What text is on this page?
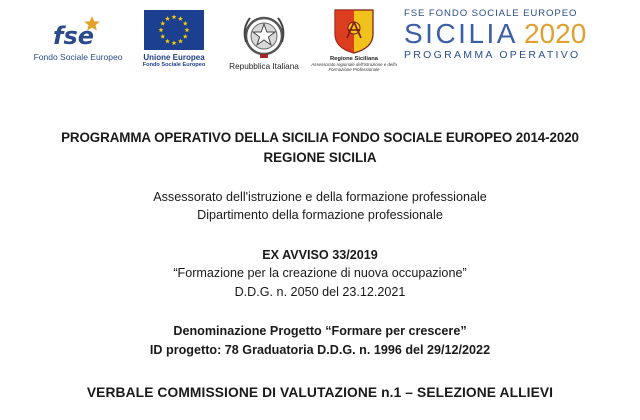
fse
Fondo Sociale Europeo	Unione Europea
Fondo Sociale Europeo	Repubblica Italiana
Regione Siciliana
Assessorato regionale dell'Istruzione e della Formazione Professionale
FSE FONDO SOCIALE EUROPEO
SICILIA 2020
PROGRAMMA OPERATIVO
PROGRAMMA OPERATIVO DELLA SICILIA FONDO SOCIALE EUROPEO 2014-2020
REGIONE SICILIA
Assessorato dell'istruzione e della formazione professionale
Dipartimento della formazione professionale
EX AVVISO 33/2019
“Formazione per la creazione di nuova occupazione”
D.D.G. n. 2050 del 23.12.2021
Denominazione Progetto “Formare per crescere”
ID progetto: 78 Graduatoria D.D.G. n. 1996 del 29/12/2022
VERBALE COMMISSIONE DI VALUTAZIONE n.1 – SELEZIONE ALLIEVI
